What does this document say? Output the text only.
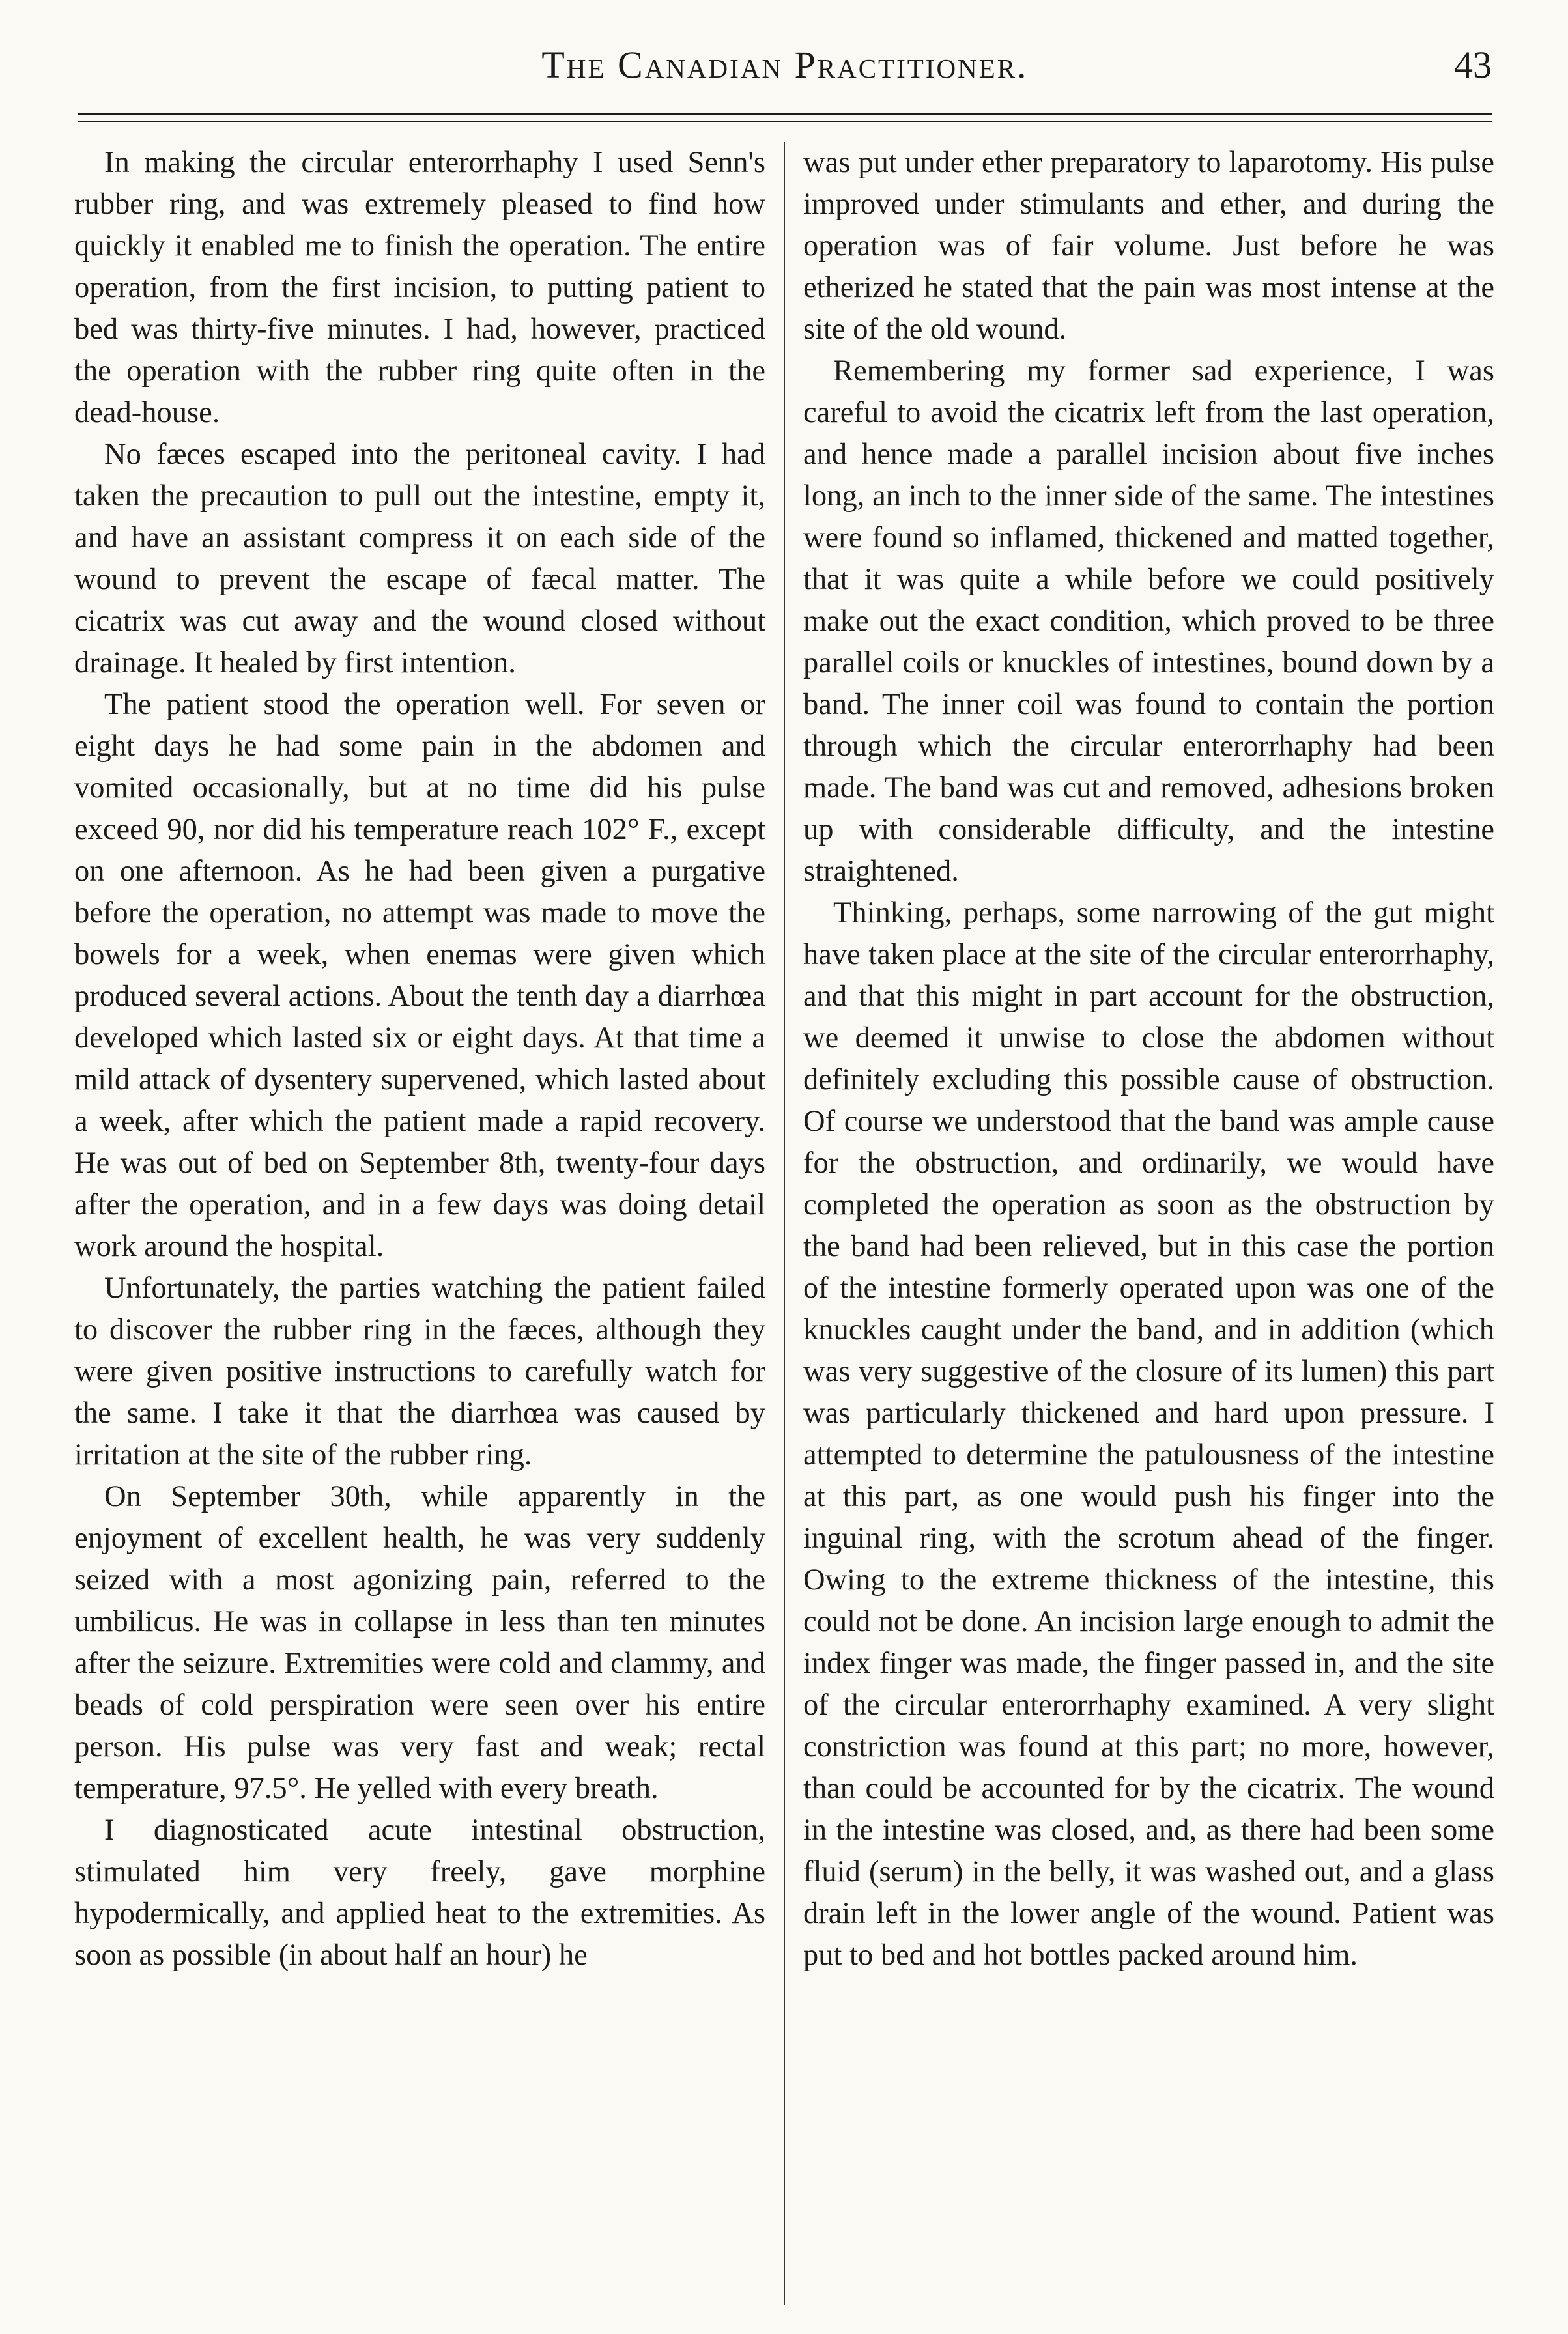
The Canadian Practitioner.	43

In making the circular enterorrhaphy I used Senn's rubber ring, and was extremely pleased to find how quickly it enabled me to finish the operation. The entire operation, from the first incision, to putting patient to bed was thirty-five minutes. I had, however, practiced the operation with the rubber ring quite often in the dead-house.

No fæces escaped into the peritoneal cavity. I had taken the precaution to pull out the intestine, empty it, and have an assistant compress it on each side of the wound to prevent the escape of fæcal matter. The cicatrix was cut away and the wound closed without drainage. It healed by first intention.

The patient stood the operation well. For seven or eight days he had some pain in the abdomen and vomited occasionally, but at no time did his pulse exceed 90, nor did his temperature reach 102° F., except on one afternoon. As he had been given a purgative before the operation, no attempt was made to move the bowels for a week, when enemas were given which produced several actions. About the tenth day a diarrhœa developed which lasted six or eight days. At that time a mild attack of dysentery supervened, which lasted about a week, after which the patient made a rapid recovery. He was out of bed on September 8th, twenty-four days after the operation, and in a few days was doing detail work around the hospital.

Unfortunately, the parties watching the patient failed to discover the rubber ring in the fæces, although they were given positive instructions to carefully watch for the same. I take it that the diarrhœa was caused by irritation at the site of the rubber ring.

On September 30th, while apparently in the enjoyment of excellent health, he was very suddenly seized with a most agonizing pain, referred to the umbilicus. He was in collapse in less than ten minutes after the seizure. Extremities were cold and clammy, and beads of cold perspiration were seen over his entire person. His pulse was very fast and weak; rectal temperature, 97.5°. He yelled with every breath.

I diagnosticated acute intestinal obstruction, stimulated him very freely, gave morphine hypodermically, and applied heat to the extremities. As soon as possible (in about half an hour) he

was put under ether preparatory to laparotomy. His pulse improved under stimulants and ether, and during the operation was of fair volume. Just before he was etherized he stated that the pain was most intense at the site of the old wound.

Remembering my former sad experience, I was careful to avoid the cicatrix left from the last operation, and hence made a parallel incision about five inches long, an inch to the inner side of the same. The intestines were found so inflamed, thickened and matted together, that it was quite a while before we could positively make out the exact condition, which proved to be three parallel coils or knuckles of intestines, bound down by a band. The inner coil was found to contain the portion through which the circular enterorrhaphy had been made. The band was cut and removed, adhesions broken up with considerable difficulty, and the intestine straightened.

Thinking, perhaps, some narrowing of the gut might have taken place at the site of the circular enterorrhaphy, and that this might in part account for the obstruction, we deemed it unwise to close the abdomen without definitely excluding this possible cause of obstruction. Of course we understood that the band was ample cause for the obstruction, and ordinarily, we would have completed the operation as soon as the obstruction by the band had been relieved, but in this case the portion of the intestine formerly operated upon was one of the knuckles caught under the band, and in addition (which was very suggestive of the closure of its lumen) this part was particularly thickened and hard upon pressure. I attempted to determine the patulousness of the intestine at this part, as one would push his finger into the inguinal ring, with the scrotum ahead of the finger. Owing to the extreme thickness of the intestine, this could not be done. An incision large enough to admit the index finger was made, the finger passed in, and the site of the circular enterorrhaphy examined. A very slight constriction was found at this part; no more, however, than could be accounted for by the cicatrix. The wound in the intestine was closed, and, as there had been some fluid (serum) in the belly, it was washed out, and a glass drain left in the lower angle of the wound. Patient was put to bed and hot bottles packed around him.
